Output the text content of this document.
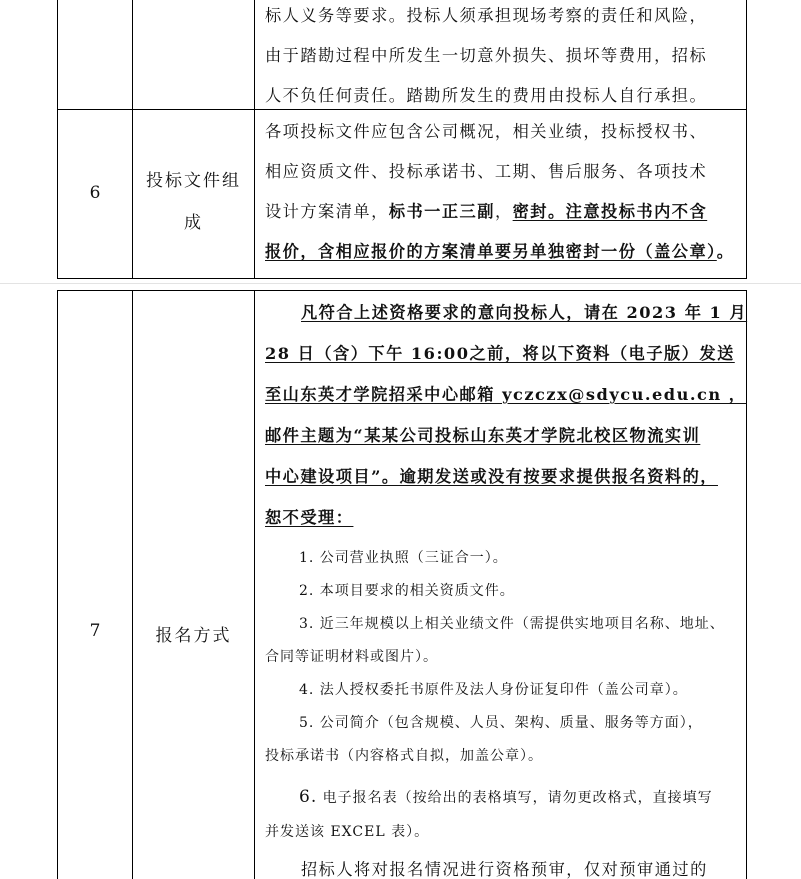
标人义务等要求。投标人须承担现场考察的责任和风险，

由于踏勘过程中所发生一切意外损失、损坏等费用，招标

人不负任何责任。踏勘所发生的费用由投标人自行承担。

6
投标文件组
成

各项投标文件应包含公司概况，相关业绩，投标授权书、

相应资质文件、投标承诺书、工期、售后服务、各项技术

设计方案清单，标书一正三副，密封。注意投标书内不含

报价，含相应报价的方案清单要另单独密封一份（盖公章）。

7	报名方式

凡符合上述资格要求的意向投标人，请在 2023 年 1 月

28 日（含）下午 16:00之前，将以下资料（电子版）发送

至山东英才学院招采中心邮箱 yczczx@sdycu.edu.cn ，

邮件主题为“某某公司投标山东英才学院北校区物流实训

中心建设项目”。逾期发送或没有按要求提供报名资料的，

恕不受理：

1. 公司营业执照（三证合一）。

2. 本项目要求的相关资质文件。

3. 近三年规模以上相关业绩文件（需提供实地项目名称、地址、

合同等证明材料或图片）。

4. 法人授权委托书原件及法人身份证复印件（盖公司章）。

5. 公司简介（包含规模、人员、架构、质量、服务等方面），

投标承诺书（内容格式自拟，加盖公章）。

6. 电子报名表（按给出的表格填写，请勿更改格式，直接填写

并发送该 EXCEL 表）。

招标人将对报名情况进行资格预审，仅对预审通过的
